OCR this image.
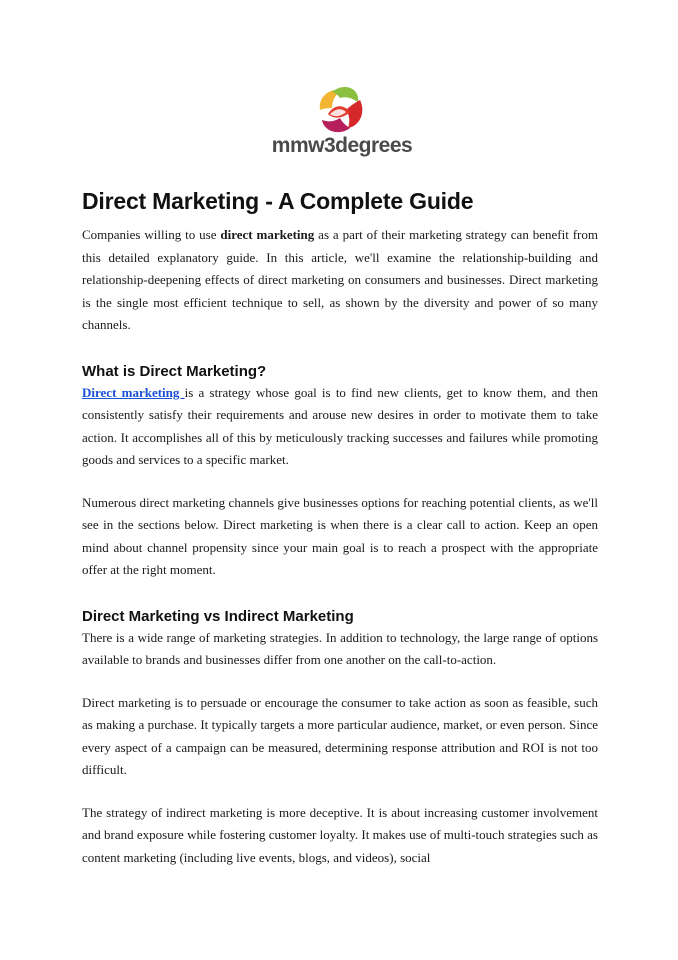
mmw3degrees
Direct Marketing - A Complete Guide

Companies willing to use direct marketing as a part of their marketing strategy can benefit from this detailed explanatory guide. In this article, we'll examine the relationship-building and relationship-deepening effects of direct marketing on consumers and businesses. Direct marketing is the single most efficient technique to sell, as shown by the diversity and power of so many channels.

What is Direct Marketing?

Direct marketing is a strategy whose goal is to find new clients, get to know them, and then consistently satisfy their requirements and arouse new desires in order to motivate them to take action. It accomplishes all of this by meticulously tracking successes and failures while promoting goods and services to a specific market.

Numerous direct marketing channels give businesses options for reaching potential clients, as we'll see in the sections below. Direct marketing is when there is a clear call to action. Keep an open mind about channel propensity since your main goal is to reach a prospect with the appropriate offer at the right moment.

Direct Marketing vs Indirect Marketing

There is a wide range of marketing strategies. In addition to technology, the large range of options available to brands and businesses differ from one another on the call-to-action.

Direct marketing is to persuade or encourage the consumer to take action as soon as feasible, such as making a purchase. It typically targets a more particular audience, market, or even person. Since every aspect of a campaign can be measured, determining response attribution and ROI is not too difficult.

The strategy of indirect marketing is more deceptive. It is about increasing customer involvement and brand exposure while fostering customer loyalty. It makes use of multi-touch strategies such as content marketing (including live events, blogs, and videos), social
